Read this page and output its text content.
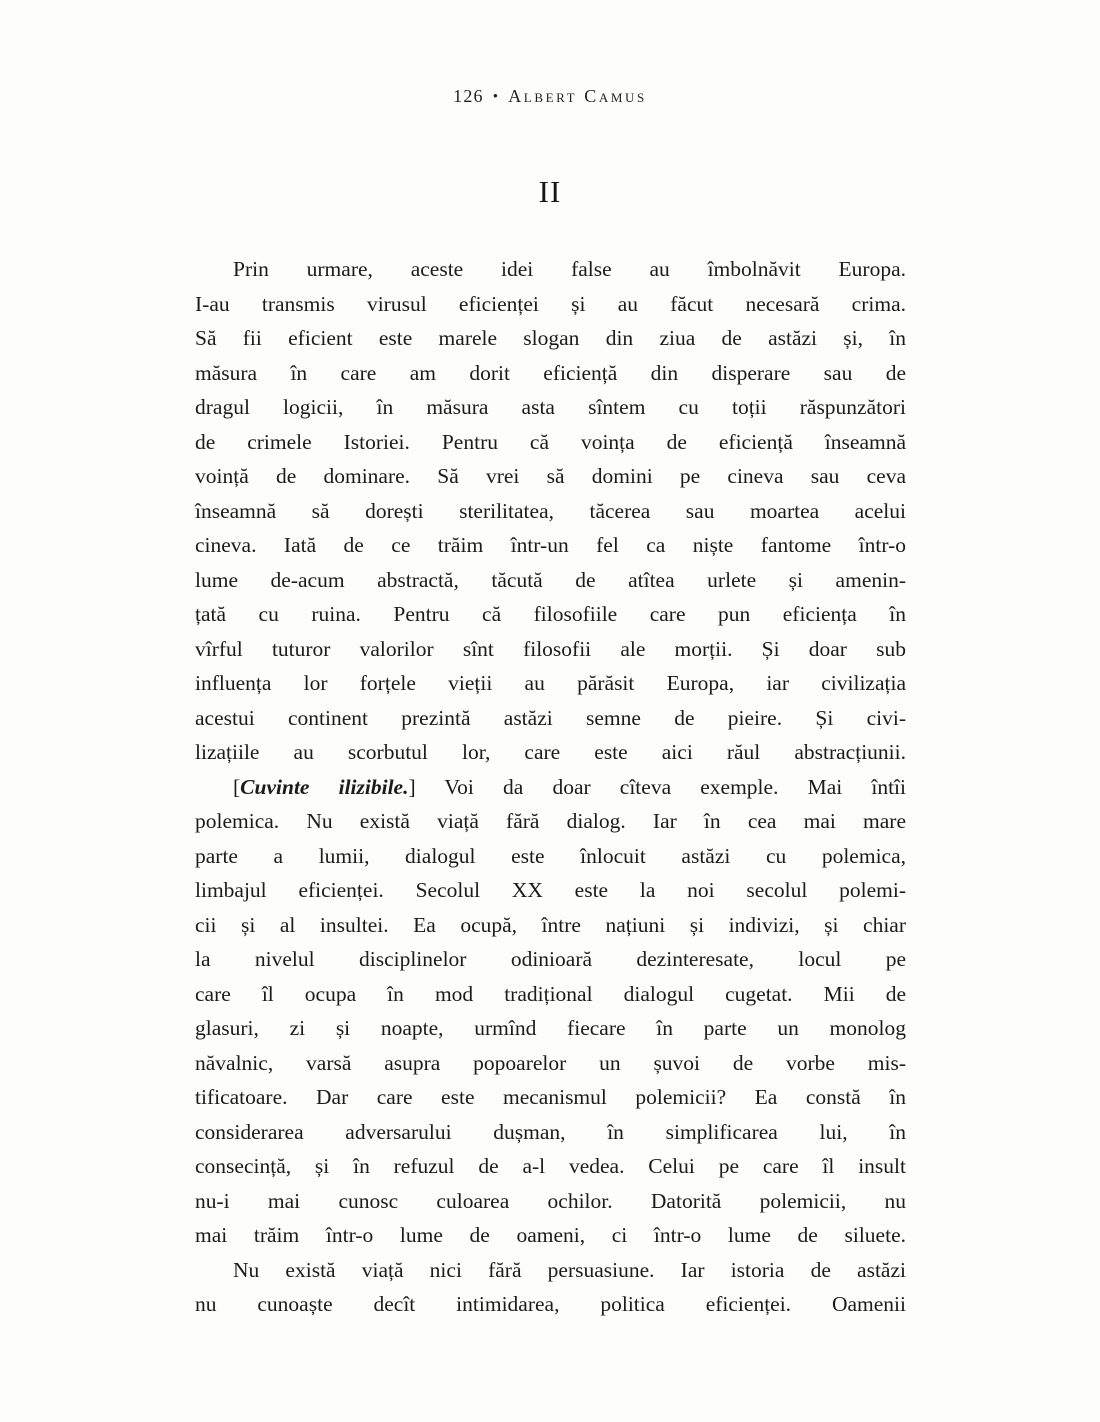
126 • Albert Camus
II
Prin urmare, aceste idei false au îmbolnăvit Europa.
I-au transmis virusul eficienței și au făcut necesară crima.
Să fii eficient este marele slogan din ziua de astăzi și, în
măsura în care am dorit eficiență din disperare sau de
dragul logicii, în măsura asta sîntem cu toții răspunzători
de crimele Istoriei. Pentru că voința de eficiență înseamnă
voință de dominare. Să vrei să domini pe cineva sau ceva
înseamnă să dorești sterilitatea, tăcerea sau moartea acelui
cineva. Iată de ce trăim într-un fel ca niște fantome într-o
lume de-acum abstractă, tăcută de atîtea urlete și amenin-
țată cu ruina. Pentru că filosofiile care pun eficiența în
vîrful tuturor valorilor sînt filosofii ale morții. Și doar sub
influența lor forțele vieții au părăsit Europa, iar civilizația
acestui continent prezintă astăzi semne de pieire. Și civi-
lizațiile au scorbutul lor, care este aici răul abstracțiunii.
[Cuvinte ilizibile.] Voi da doar cîteva exemple. Mai întîi
polemica. Nu există viață fără dialog. Iar în cea mai mare
parte a lumii, dialogul este înlocuit astăzi cu polemica,
limbajul eficienței. Secolul XX este la noi secolul polemi-
cii și al insultei. Ea ocupă, între națiuni și indivizi, și chiar
la nivelul disciplinelor odinioară dezinteresate, locul pe
care îl ocupa în mod tradițional dialogul cugetat. Mii de
glasuri, zi și noapte, urmînd fiecare în parte un monolog
năvalnic, varsă asupra popoarelor un șuvoi de vorbe mis-
tificatoare. Dar care este mecanismul polemicii? Ea constă în
considerarea adversarului dușman, în simplificarea lui, în
consecință, și în refuzul de a-l vedea. Celui pe care îl insult
nu-i mai cunosc culoarea ochilor. Datorită polemicii, nu
mai trăim într-o lume de oameni, ci într-o lume de siluete.
Nu există viață nici fără persuasiune. Iar istoria de astăzi
nu cunoaște decît intimidarea, politica eficienței. Oamenii
